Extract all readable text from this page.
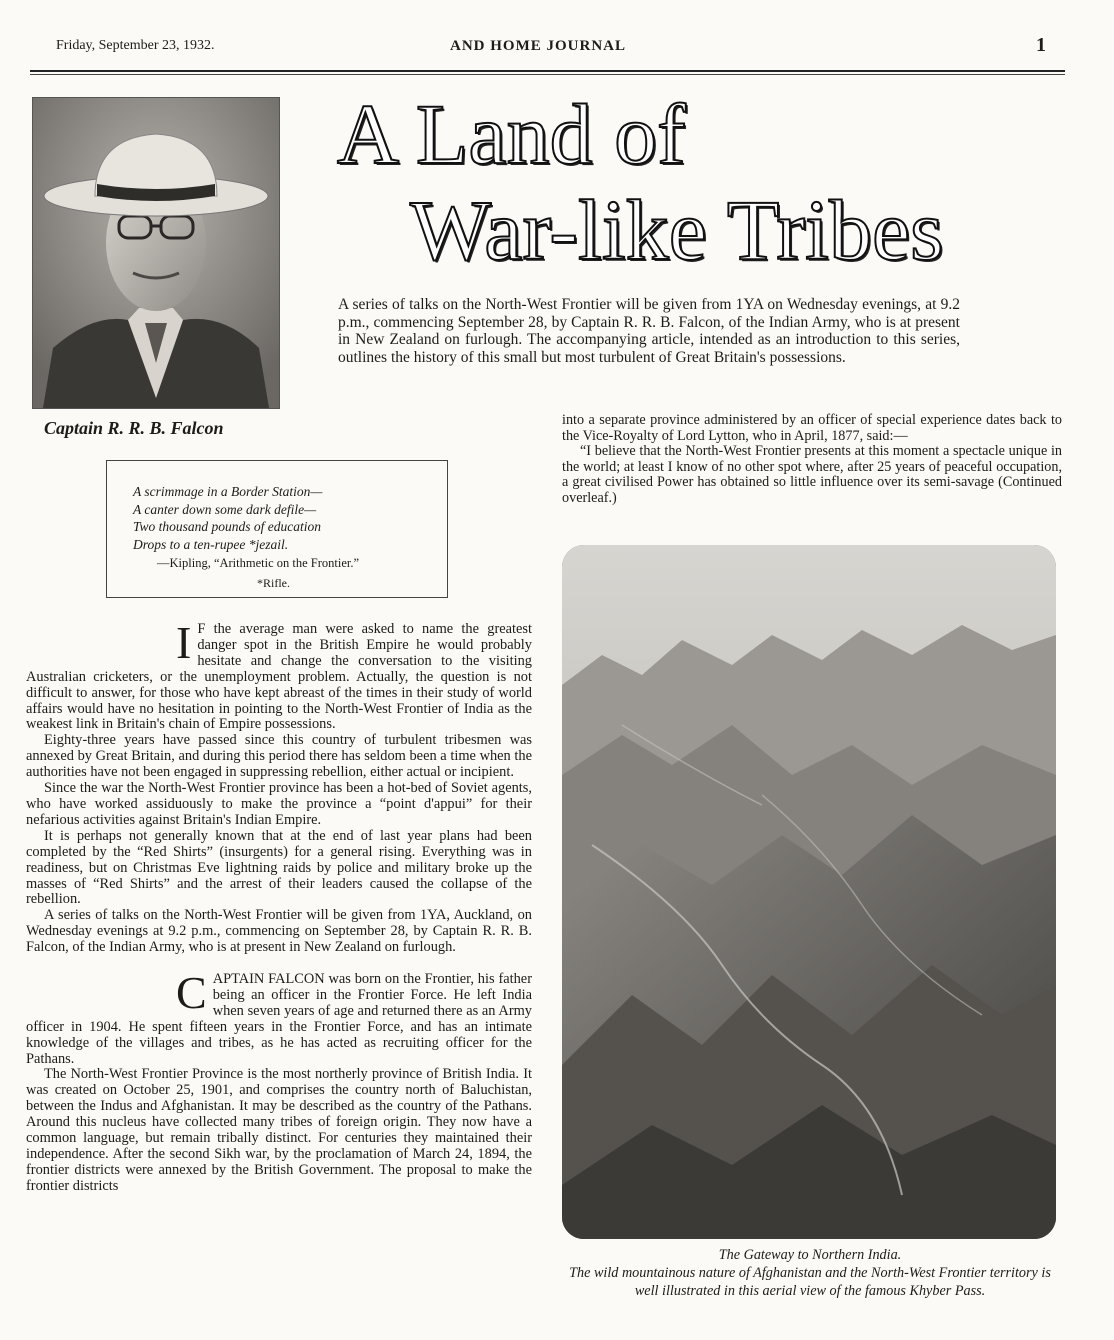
Friday, September 23, 1932.	AND HOME JOURNAL	1
Captain R. R. B. Falcon
A Land of
War-like Tribes
A series of talks on the North-West Frontier will be given from 1YA on Wednesday evenings, at 9.2 p.m., commencing September 28, by Captain R. R. B. Falcon, of the Indian Army, who is at present in New Zealand on furlough. The accompanying article, intended as an introduction to this series, outlines the history of this small but most turbulent of Great Britain's possessions.
A scrimmage in a Border Station—
A canter down some dark defile—
Two thousand pounds of education
Drops to a ten-rupee *jezail.
—Kipling, “Arithmetic on the Frontier.”
*Rifle.

I F the average man were asked to name the greatest danger spot in the British Empire he would probably hesitate and change the conversation to the visiting Australian cricketers, or the unemployment problem. Actually, the question is not difficult to answer, for those who have kept abreast of the times in their study of world affairs would have no hesitation in pointing to the North-West Frontier of India as the weakest link in Britain's chain of Empire possessions.

Eighty-three years have passed since this country of turbulent tribesmen was annexed by Great Britain, and during this period there has seldom been a time when the authorities have not been engaged in suppressing rebellion, either actual or incipient.

Since the war the North-West Frontier province has been a hot-bed of Soviet agents, who have worked assiduously to make the province a “point d'appui” for their nefarious activities against Britain's Indian Empire.

It is perhaps not generally known that at the end of last year plans had been completed by the “Red Shirts” (insurgents) for a general rising. Everything was in readiness, but on Christmas Eve lightning raids by police and military broke up the masses of “Red Shirts” and the arrest of their leaders caused the collapse of the rebellion.

A series of talks on the North-West Frontier will be given from 1YA, Auckland, on Wednesday evenings at 9.2 p.m., commencing on September 28, by Captain R. R. B. Falcon, of the Indian Army, who is at present in New Zealand on furlough.

CAPTAIN FALCON was born on the Frontier, his father being an officer in the Frontier Force. He left India when seven years of age and returned there as an Army officer in 1904. He spent fifteen years in the Frontier Force, and has an intimate knowledge of the villages and tribes, as he has acted as recruiting officer for the Pathans.

The North-West Frontier Province is the most northerly province of British India. It was created on October 25, 1901, and comprises the country north of Baluchistan, between the Indus and Afghanistan. It may be described as the country of the Pathans. Around this nucleus have collected many tribes of foreign origin. They now have a common language, but remain tribally distinct. For centuries they maintained their independence. After the second Sikh war, by the proclamation of March 24, 1894, the frontier districts were annexed by the British Government. The proposal to make the frontier districts

into a separate province administered by an officer of special experience dates back to the Vice-Royalty of Lord Lytton, who in April, 1877, said:—

“I believe that the North-West Frontier presents at this moment a spectacle unique in the world; at least I know of no other spot where, after 25 years of peaceful occupation, a great civilised Power has obtained so little influence over its semi-savage (Continued overleaf.)

The Gateway to Northern India.
The wild mountainous nature of Afghanistan and the North-West Frontier territory is well illustrated in this aerial view of the famous Khyber Pass.
